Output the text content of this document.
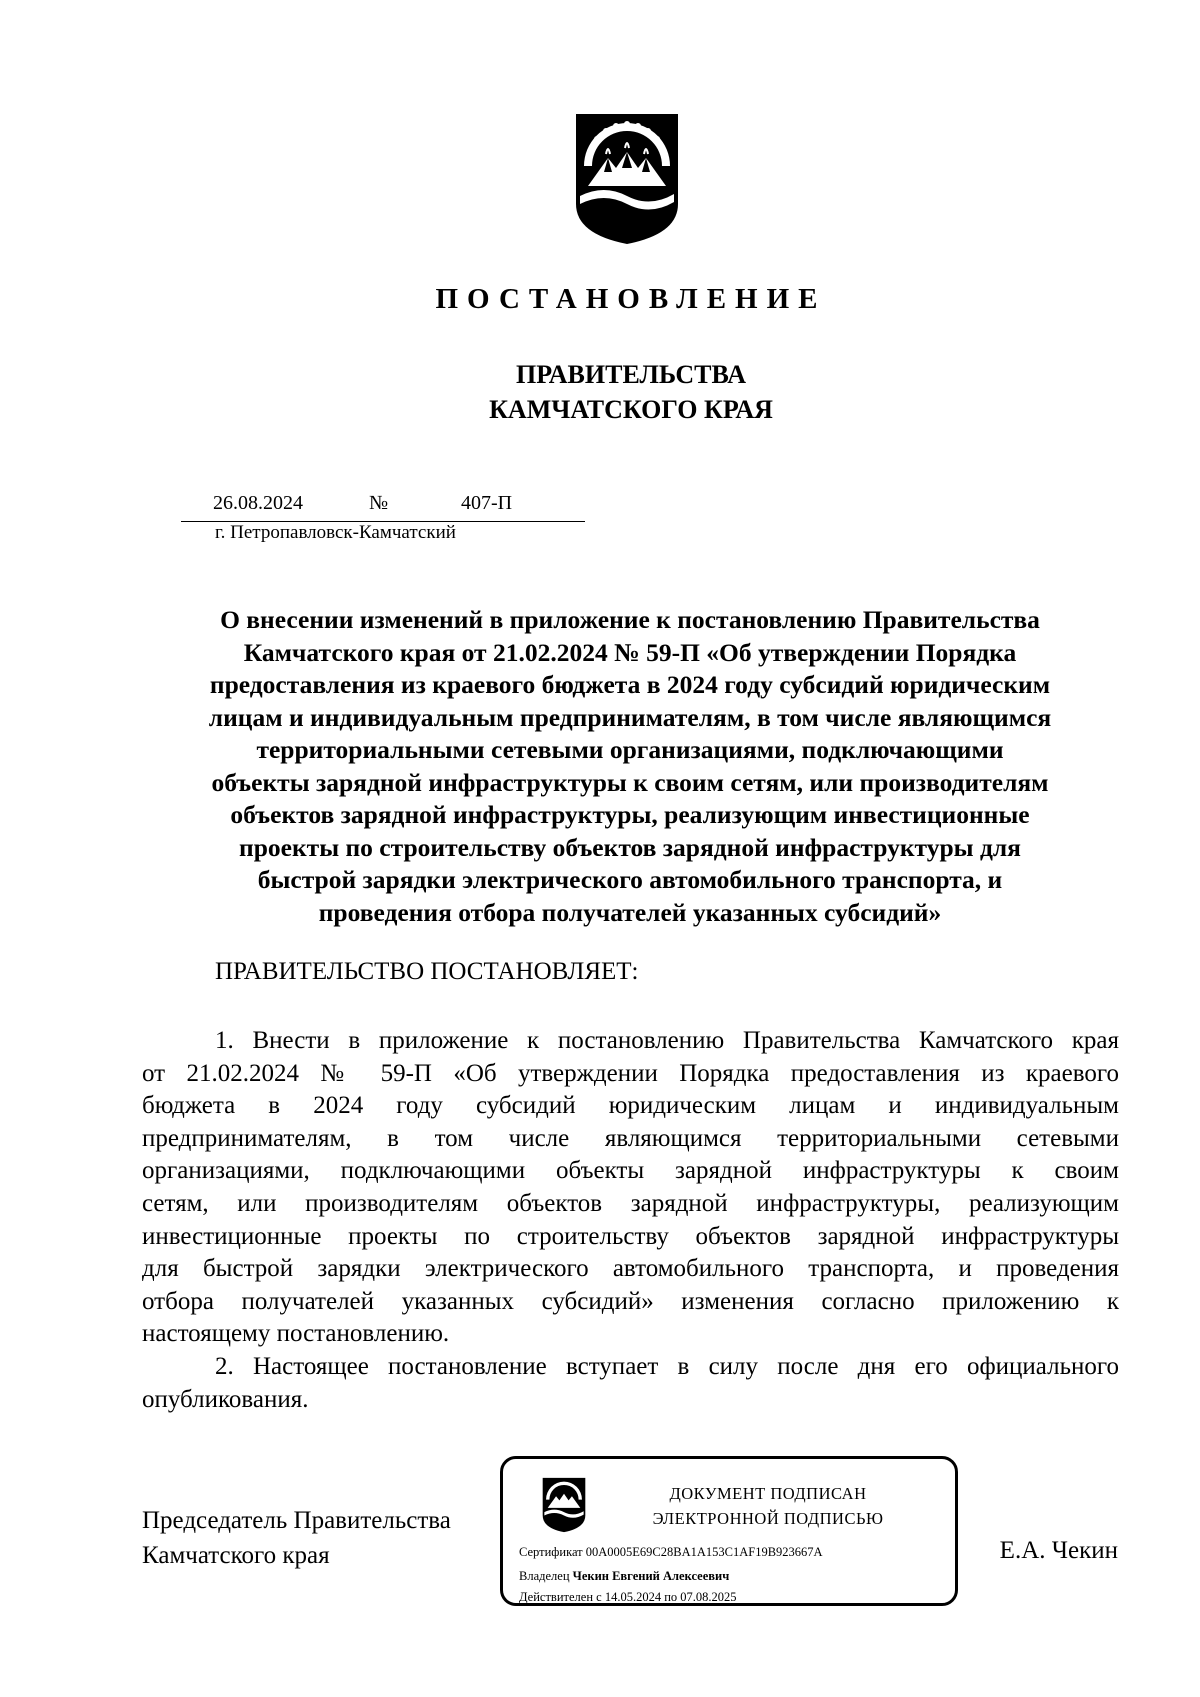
ПОСТАНОВЛЕНИЕ
ПРАВИТЕЛЬСТВА
КАМЧАТСКОГО КРАЯ
26.08.2024	№	407-П
г. Петропавловск-Камчатский
О внесении изменений в приложение к постановлению Правительства
Камчатского края от 21.02.2024 № 59-П «Об утверждении Порядка
предоставления из краевого бюджета в 2024 году субсидий юридическим
лицам и индивидуальным предпринимателям, в том числе являющимся
территориальными сетевыми организациями, подключающими
объекты зарядной инфраструктуры к своим сетям, или производителям
объектов зарядной инфраструктуры, реализующим инвестиционные
проекты по строительству объектов зарядной инфраструктуры для
быстрой зарядки электрического автомобильного транспорта, и
проведения отбора получателей указанных субсидий»
ПРАВИТЕЛЬСТВО ПОСТАНОВЛЯЕТ:
1. Внести в приложение к постановлению Правительства Камчатского края
от 21.02.2024 № 59-П «Об утверждении Порядка предоставления из краевого
бюджета в 2024 году субсидий юридическим лицам и индивидуальным
предпринимателям, в том числе являющимся территориальными сетевыми
организациями, подключающими объекты зарядной инфраструктуры к своим
сетям, или производителям объектов зарядной инфраструктуры, реализующим
инвестиционные проекты по строительству объектов зарядной инфраструктуры
для быстрой зарядки электрического автомобильного транспорта, и проведения
отбора получателей указанных субсидий» изменения согласно приложению к
настоящему постановлению.
2. Настоящее постановление вступает в силу после дня его официального
опубликования.
Председатель Правительства
Камчатского края
ДОКУМЕНТ ПОДПИСАН
ЭЛЕКТРОННОЙ ПОДПИСЬЮ
Сертификат 00A0005E69C28BA1A153C1AF19B923667A
Владелец Чекин Евгений Алексеевич
Действителен с 14.05.2024 по 07.08.2025
Е.А. Чекин
